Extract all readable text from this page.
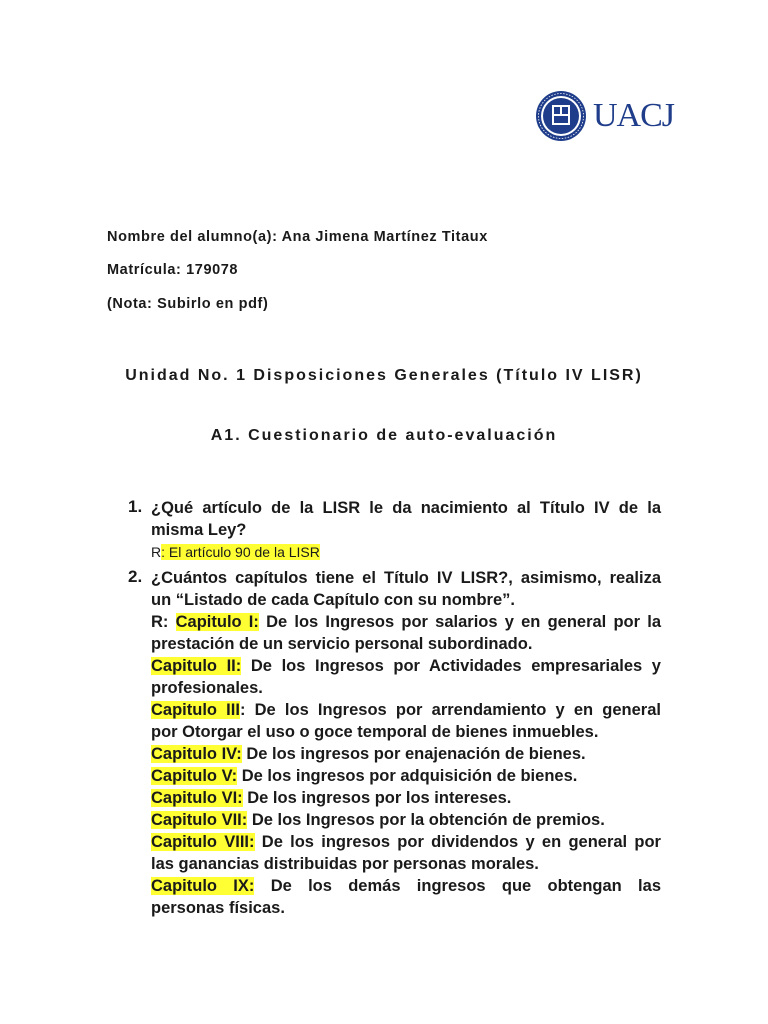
UACJ
Nombre del alumno(a): Ana Jimena Martínez Titaux
Matrícula: 179078
(Nota: Subirlo en pdf)
Unidad No. 1 Disposiciones Generales (Título IV LISR)
A1. Cuestionario de auto-evaluación
1. ¿Qué artículo de la LISR le da nacimiento al Título IV de la
misma Ley?
R: El artículo 90 de la LISR
2. ¿Cuántos capítulos tiene el Título IV LISR?, asimismo, realiza
un “Listado de cada Capítulo con su nombre”.
R: Capitulo I: De los Ingresos por salarios y en general por la
prestación de un servicio personal subordinado.
Capitulo II: De los Ingresos por Actividades empresariales y
profesionales.
Capitulo III: De los Ingresos por arrendamiento y en general
por Otorgar el uso o goce temporal de bienes inmuebles.
Capitulo IV: De los ingresos por enajenación de bienes.
Capitulo V: De los ingresos por adquisición de bienes.
Capitulo VI: De los ingresos por los intereses.
Capitulo VII: De los Ingresos por la obtención de premios.
Capitulo VIII: De los ingresos por dividendos y en general por
las ganancias distribuidas por personas morales.
Capitulo IX: De los demás ingresos que obtengan las
personas físicas.
